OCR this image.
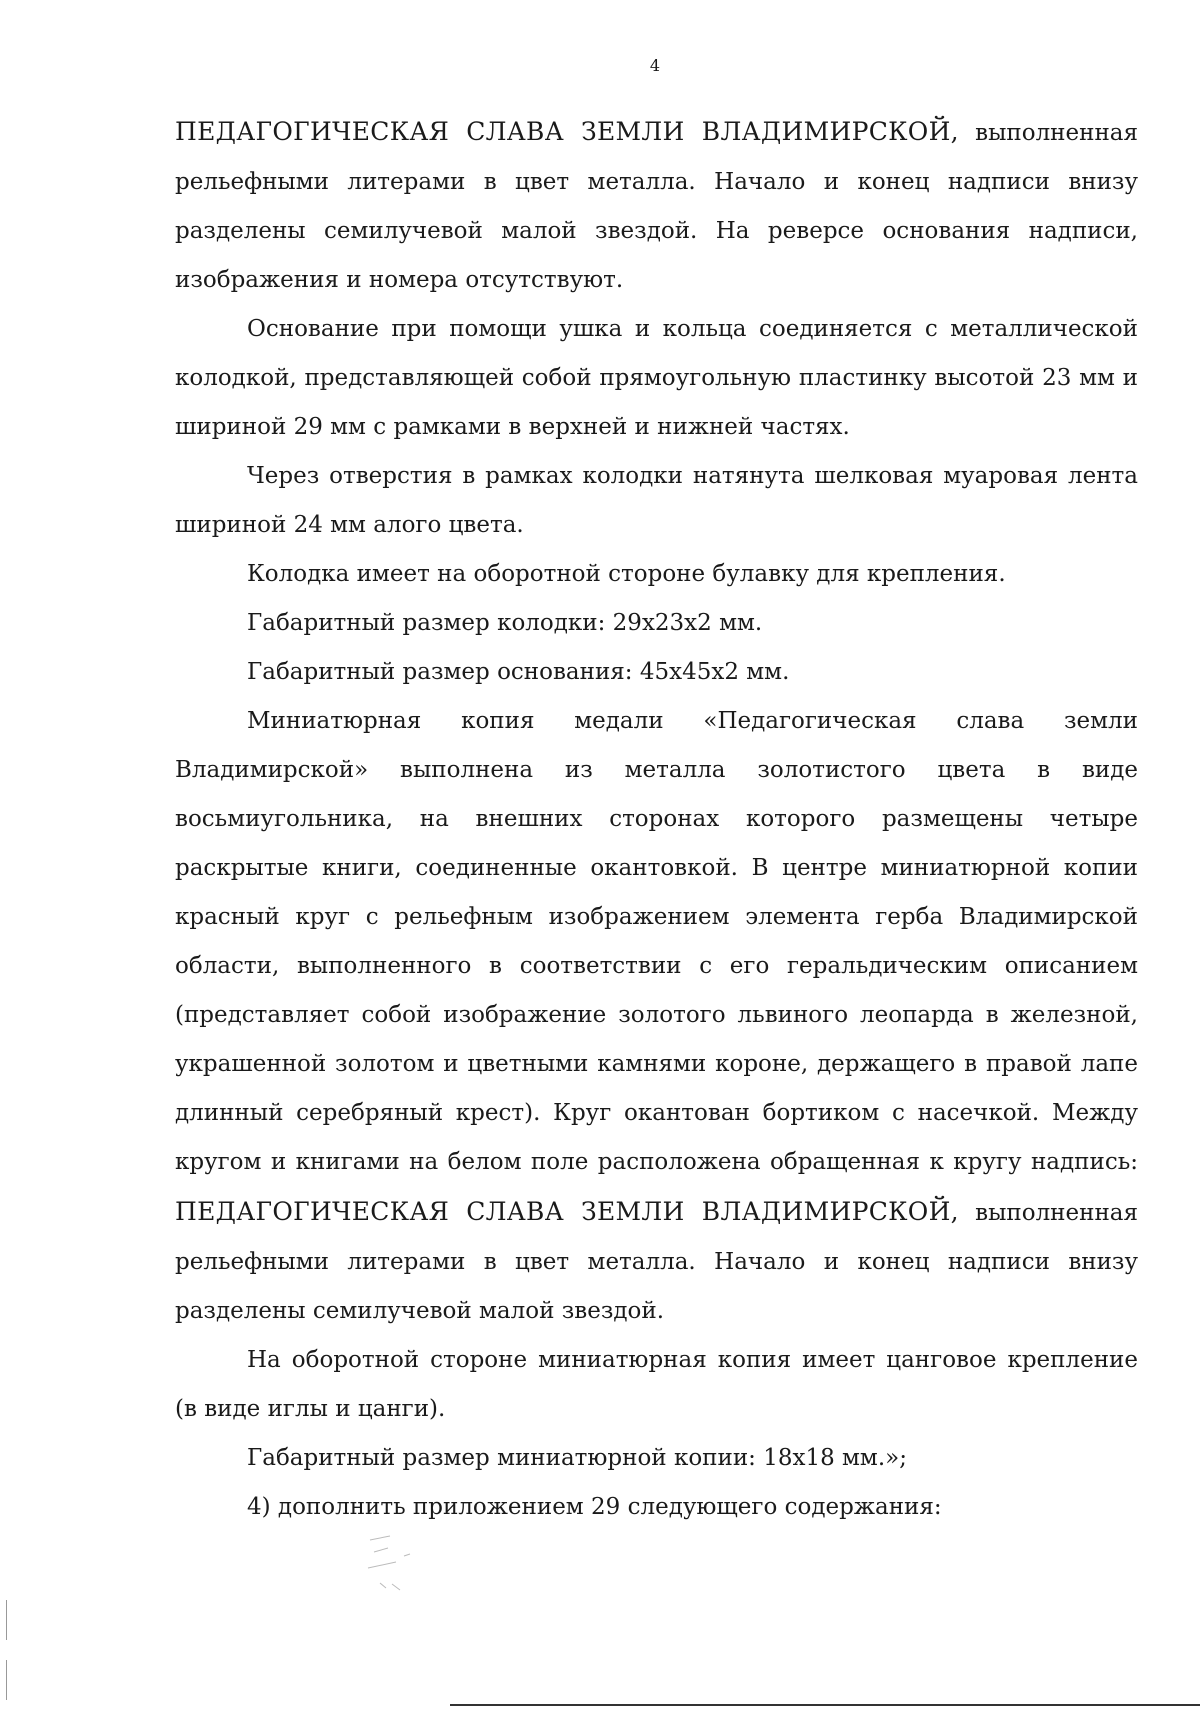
4

ПЕДАГОГИЧЕСКАЯ СЛАВА ЗЕМЛИ ВЛАДИМИРСКОЙ, выполненная рельефными литерами в цвет металла. Начало и конец надписи внизу разделены семилучевой малой звездой. На реверсе основания надписи, изображения и номера отсутствуют.

Основание при помощи ушка и кольца соединяется с металлической колодкой, представляющей собой прямоугольную пластинку высотой 23 мм и шириной 29 мм с рамками в верхней и нижней частях.

Через отверстия в рамках колодки натянута шелковая муаровая лента шириной 24 мм алого цвета.

Колодка имеет на оборотной стороне булавку для крепления.

Габаритный размер колодки: 29x23x2 мм.

Габаритный размер основания: 45x45x2 мм.

Миниатюрная копия медали «Педагогическая слава земли Владимирской» выполнена из металла золотистого цвета в виде восьмиугольника, на внешних сторонах которого размещены четыре раскрытые книги, соединенные окантовкой. В центре миниатюрной копии красный круг с рельефным изображением элемента герба Владимирской области, выполненного в соответствии с его геральдическим описанием (представляет собой изображение золотого львиного леопарда в железной, украшенной золотом и цветными камнями короне, держащего в правой лапе длинный серебряный крест). Круг окантован бортиком с насечкой. Между кругом и книгами на белом поле расположена обращенная к кругу надпись: ПЕДАГОГИЧЕСКАЯ СЛАВА ЗЕМЛИ ВЛАДИМИРСКОЙ, выполненная рельефными литерами в цвет металла. Начало и конец надписи внизу разделены семилучевой малой звездой.

На оборотной стороне миниатюрная копия имеет цанговое крепление (в виде иглы и цанги).

Габаритный размер миниатюрной копии: 18x18 мм.»;

4) дополнить приложением 29 следующего содержания:
